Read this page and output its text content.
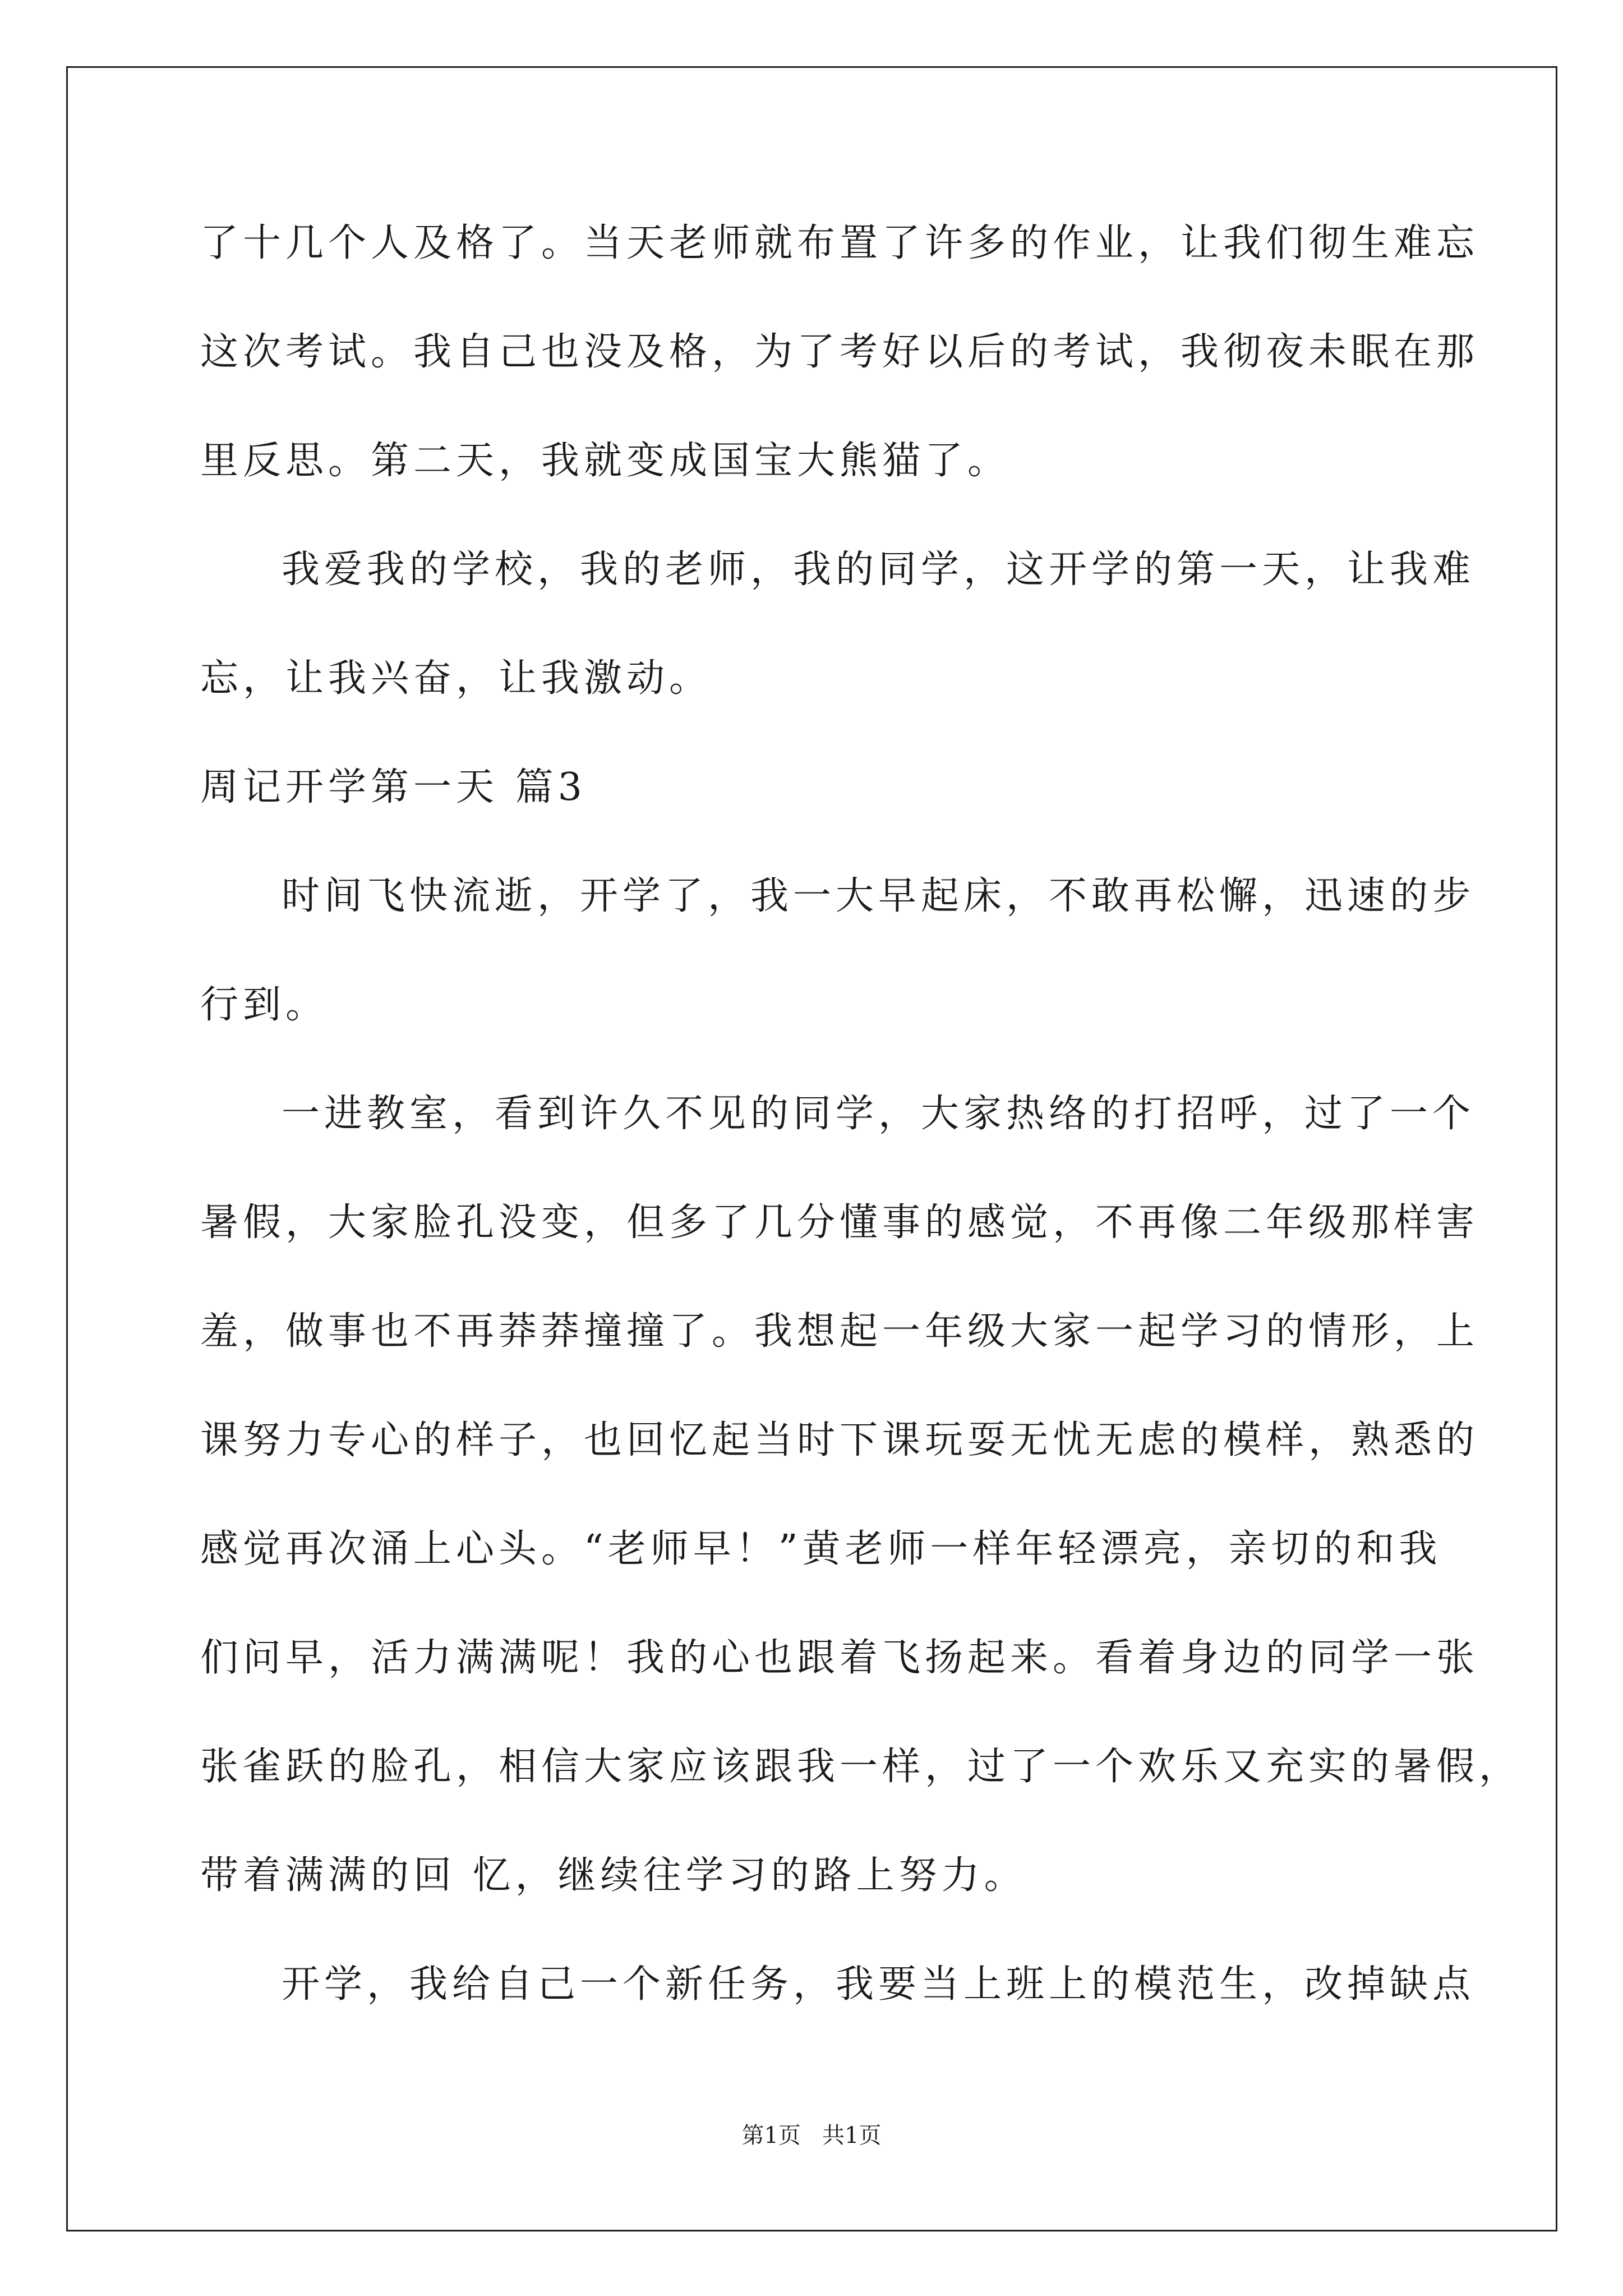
了十几个人及格了。当天老师就布置了许多的作业，让我们彻生难忘
这次考试。我自己也没及格，为了考好以后的考试，我彻夜未眠在那
里反思。第二天，我就变成国宝大熊猫了。
我爱我的学校，我的老师，我的同学，这开学的第一天，让我难
忘，让我兴奋，让我激动。
周记开学第一天 篇3
时间飞快流逝，开学了，我一大早起床，不敢再松懈，迅速的步
行到。
一进教室，看到许久不见的同学，大家热络的打招呼，过了一个
暑假，大家脸孔没变，但多了几分懂事的感觉，不再像二年级那样害
羞，做事也不再莽莽撞撞了。我想起一年级大家一起学习的情形，上
课努力专心的样子，也回忆起当时下课玩耍无忧无虑的模样，熟悉的
感觉再次涌上心头。“老师早！”黄老师一样年轻漂亮，亲切的和我
们问早，活力满满呢！我的心也跟着飞扬起来。看着身边的同学一张
张雀跃的脸孔，相信大家应该跟我一样，过了一个欢乐又充实的暑假，
带着满满的回 忆，继续往学习的路上努力。
开学，我给自己一个新任务，我要当上班上的模范生，改掉缺点
第1页   共1页
